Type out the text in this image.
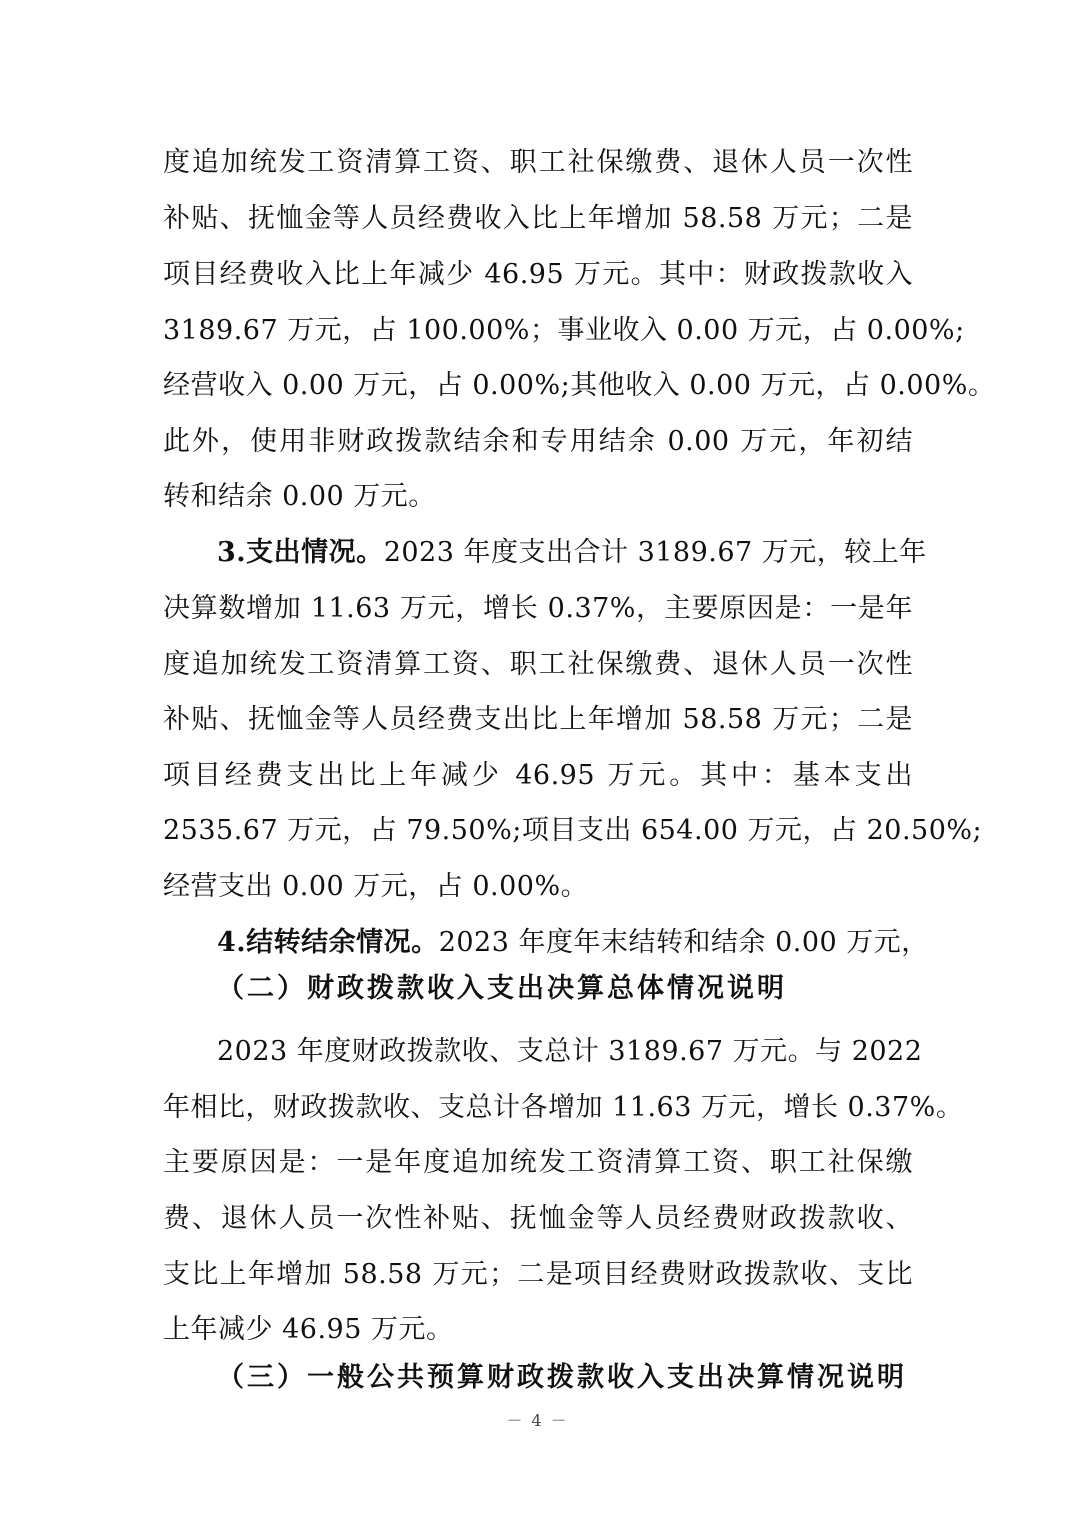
度追加统发工资清算工资、职工社保缴费、退休人员一次性
补贴、抚恤金等人员经费收入比上年增加 58.58 万元；二是
项目经费收入比上年减少 46.95 万元。其中：财政拨款收入
3189.67 万元，占 100.00%；事业收入 0.00 万元，占 0.00%;
经营收入 0.00 万元，占 0.00%;其他收入 0.00 万元，占 0.00%。
此外，使用非财政拨款结余和专用结余 0.00 万元，年初结
转和结余 0.00 万元。
3.支出情况。2023 年度支出合计 3189.67 万元，较上年
决算数增加 11.63 万元，增长 0.37%，主要原因是：一是年
度追加统发工资清算工资、职工社保缴费、退休人员一次性
补贴、抚恤金等人员经费支出比上年增加 58.58 万元；二是
项目经费支出比上年减少 46.95 万元。其中：基本支出
2535.67 万元，占 79.50%;项目支出 654.00 万元，占 20.50%;
经营支出 0.00 万元，占 0.00%。
4.结转结余情况。2023 年度年末结转和结余 0.00 万元，
（二）财政拨款收入支出决算总体情况说明
2023 年度财政拨款收、支总计 3189.67 万元。与 2022
年相比，财政拨款收、支总计各增加 11.63 万元，增长 0.37%。
主要原因是：一是年度追加统发工资清算工资、职工社保缴
费、退休人员一次性补贴、抚恤金等人员经费财政拨款收、
支比上年增加 58.58 万元；二是项目经费财政拨款收、支比
上年减少 46.95 万元。
（三）一般公共预算财政拨款收入支出决算情况说明
－ 4 －
